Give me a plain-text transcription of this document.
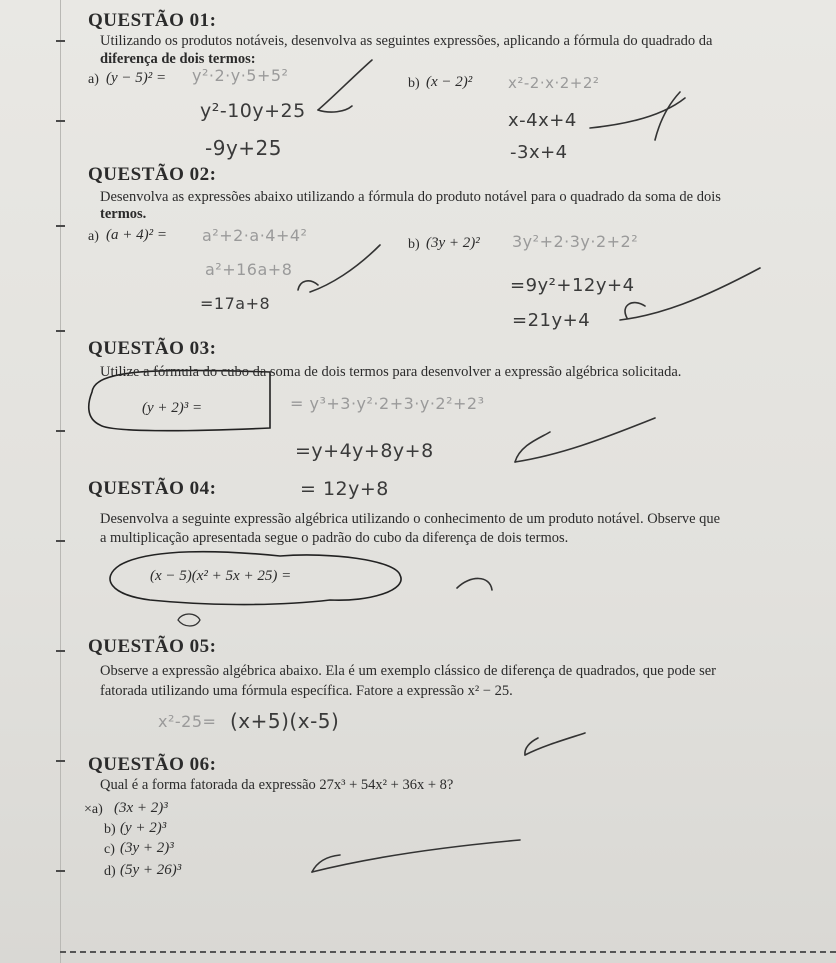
QUESTÃO 01:
Utilizando os produtos notáveis, desenvolva as seguintes expressões, aplicando a fórmula do quadrado da
diferença de dois termos:
a) (y − 5)² = y²·2·y·5+5²
y²-10y+25
-9y+25
b) (x − 2)² x²-2·x·2+2²
x-4x+4
-3x+4
QUESTÃO 02:
Desenvolva as expressões abaixo utilizando a fórmula do produto notável para o quadrado da soma de dois
termos.
a) (a + 4)² = a²+2·a·4+4²
a²+16a+8
=17a+8
b) (3y + 2)² 3y²+2·3y·2+2²
=9y²+12y+4
=21y+4
QUESTÃO 03:
Utilize a fórmula do cubo da soma de dois termos para desenvolver a expressão algébrica solicitada.
(y + 2)³ =	= y³+3·y²·2+3·y·2²+2³
=y+4y+8y+8
= 12y+8
QUESTÃO 04:
Desenvolva a seguinte expressão algébrica utilizando o conhecimento de um produto notável. Observe que
a multiplicação apresentada segue o padrão do cubo da diferença de dois termos.
(x − 5)(x² + 5x + 25) =
QUESTÃO 05:
Observe a expressão algébrica abaixo. Ela é um exemplo clássico de diferença de quadrados, que pode ser
fatorada utilizando uma fórmula específica. Fatore a expressão x² − 25.
x²-25= (x+5)(x-5)
QUESTÃO 06:
Qual é a forma fatorada da expressão 27x³ + 54x² + 36x + 8?
×a) (3x + 2)³
b) (y + 2)³
c) (3y + 2)³
d) (5y + 26)³
